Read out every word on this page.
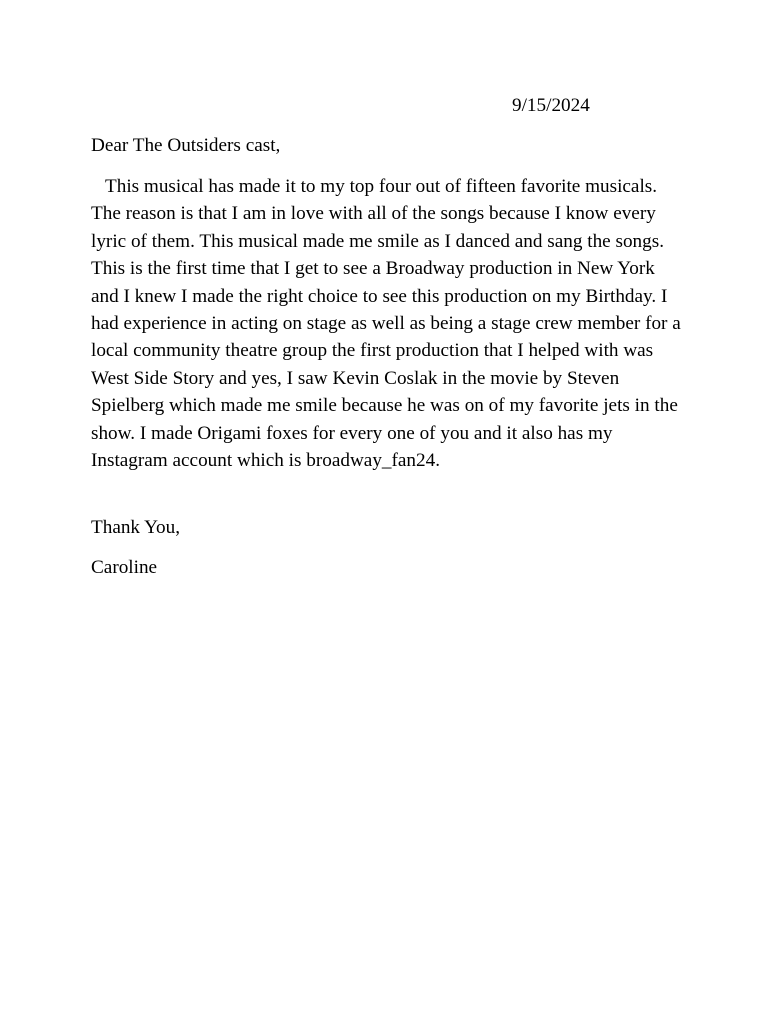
9/15/2024
Dear The Outsiders cast,

This musical has made it to my top four out of fifteen favorite musicals. The reason is that I am in love with all of the songs because I know every lyric of them. This musical made me smile as I danced and sang the songs. This is the first time that I get to see a Broadway production in New York and I knew I made the right choice to see this production on my Birthday. I had experience in acting on stage as well as being a stage crew member for a local community theatre group the first production that I helped with was West Side Story and yes, I saw Kevin Coslak in the movie by Steven Spielberg which made me smile because he was on of my favorite jets in the show. I made Origami foxes for every one of you and it also has my Instagram account which is broadway_fan24.

Thank You,
Caroline
